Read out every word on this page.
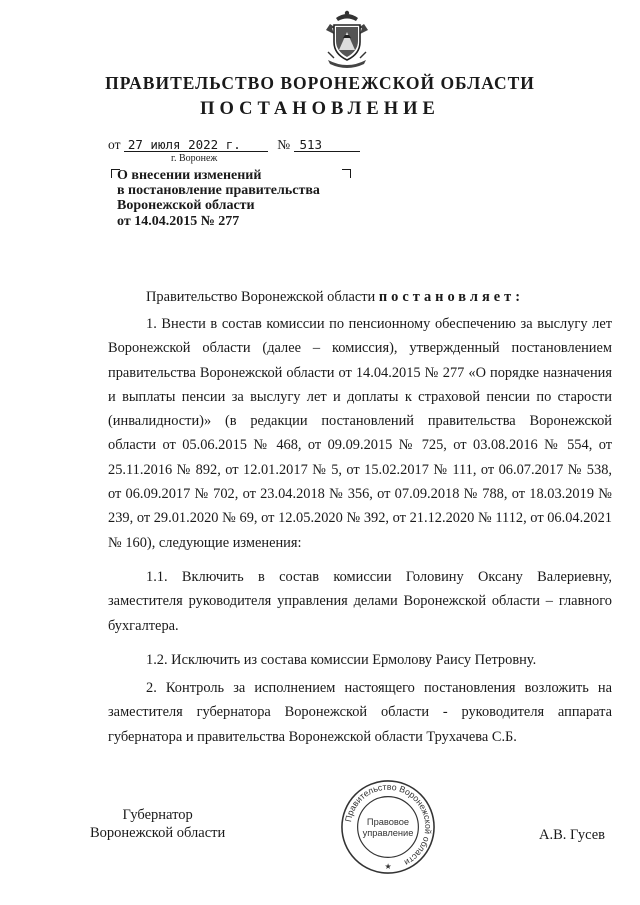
ПРАВИТЕЛЬСТВО ВОРОНЕЖСКОЙ ОБЛАСТИ
ПОСТАНОВЛЕНИЕ
от 27 июля 2022 г.	№ 513
г. Воронеж
О внесении изменений
в постановление правительства
Воронежской области
от 14.04.2015 № 277
Правительство Воронежской области постановляет:
1. Внести в состав комиссии по пенсионному обеспечению за выслугу лет Воронежской области (далее – комиссия), утвержденный постановлением правительства Воронежской области от 14.04.2015 № 277 «О порядке назначения и выплаты пенсии за выслугу лет и доплаты к страховой пенсии по старости (инвалидности)» (в редакции постановлений правительства Воронежской области от 05.06.2015 № 468, от 09.09.2015 № 725, от 03.08.2016 № 554, от 25.11.2016 № 892, от 12.01.2017 № 5, от 15.02.2017 № 111, от 06.07.2017 № 538, от 06.09.2017 № 702, от 23.04.2018 № 356, от 07.09.2018 № 788, от 18.03.2019 № 239, от 29.01.2020 № 69, от 12.05.2020 № 392, от 21.12.2020 № 1112, от 06.04.2021 № 160), следующие изменения:
1.1. Включить в состав комиссии Головину Оксану Валериевну, заместителя руководителя управления делами Воронежской области – главного бухгалтера.
1.2. Исключить из состава комиссии Ермолову Раису Петровну.
2. Контроль за исполнением настоящего постановления возложить на заместителя губернатора Воронежской области - руководителя аппарата губернатора и правительства Воронежской области Трухачева С.Б.
Губернатор
Воронежской области
Правительство Воронежской области
Правовое
управление
★
А.В. Гусев
